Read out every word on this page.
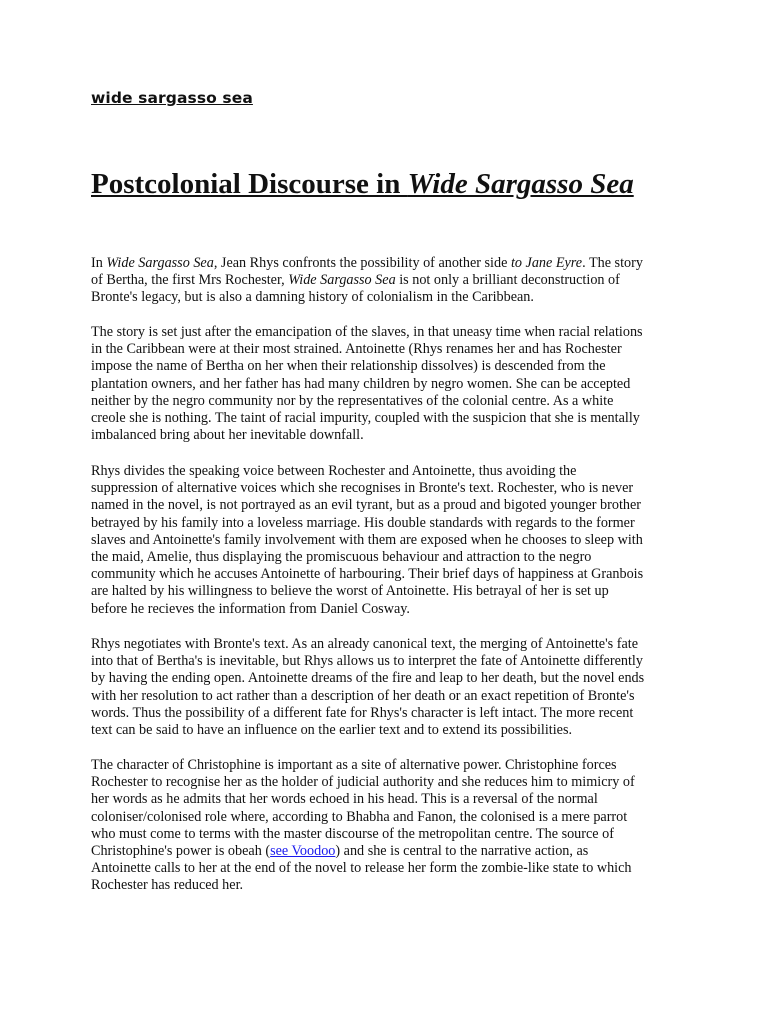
wide sargasso sea
Postcolonial Discourse in Wide Sargasso Sea

In Wide Sargasso Sea, Jean Rhys confronts the possibility of another side to Jane Eyre. The story
of Bertha, the first Mrs Rochester, Wide Sargasso Sea is not only a brilliant deconstruction of
Bronte's legacy, but is also a damning history of colonialism in the Caribbean.

The story is set just after the emancipation of the slaves, in that uneasy time when racial relations
in the Caribbean were at their most strained. Antoinette (Rhys renames her and has Rochester
impose the name of Bertha on her when their relationship dissolves) is descended from the
plantation owners, and her father has had many children by negro women. She can be accepted
neither by the negro community nor by the representatives of the colonial centre. As a white
creole she is nothing. The taint of racial impurity, coupled with the suspicion that she is mentally
imbalanced bring about her inevitable downfall.

Rhys divides the speaking voice between Rochester and Antoinette, thus avoiding the
suppression of alternative voices which she recognises in Bronte's text. Rochester, who is never
named in the novel, is not portrayed as an evil tyrant, but as a proud and bigoted younger brother
betrayed by his family into a loveless marriage. His double standards with regards to the former
slaves and Antoinette's family involvement with them are exposed when he chooses to sleep with
the maid, Amelie, thus displaying the promiscuous behaviour and attraction to the negro
community which he accuses Antoinette of harbouring. Their brief days of happiness at Granbois
are halted by his willingness to believe the worst of Antoinette. His betrayal of her is set up
before he recieves the information from Daniel Cosway.

Rhys negotiates with Bronte's text. As an already canonical text, the merging of Antoinette's fate
into that of Bertha's is inevitable, but Rhys allows us to interpret the fate of Antoinette differently
by having the ending open. Antoinette dreams of the fire and leap to her death, but the novel ends
with her resolution to act rather than a description of her death or an exact repetition of Bronte's
words. Thus the possibility of a different fate for Rhys's character is left intact. The more recent
text can be said to have an influence on the earlier text and to extend its possibilities.

The character of Christophine is important as a site of alternative power. Christophine forces
Rochester to recognise her as the holder of judicial authority and she reduces him to mimicry of
her words as he admits that her words echoed in his head. This is a reversal of the normal
coloniser/colonised role where, according to Bhabha and Fanon, the colonised is a mere parrot
who must come to terms with the master discourse of the metropolitan centre. The source of
Christophine's power is obeah (see Voodoo) and she is central to the narrative action, as
Antoinette calls to her at the end of the novel to release her form the zombie-like state to which
Rochester has reduced her.
